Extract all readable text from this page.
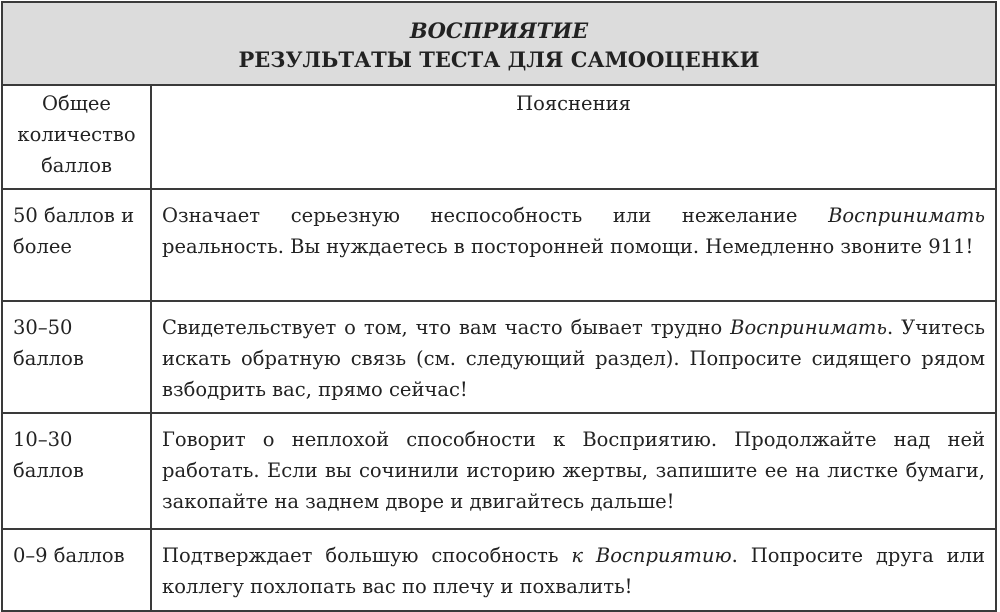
ВОСПРИЯТИЕ
РЕЗУЛЬТАТЫ ТЕСТА ДЛЯ САМООЦЕНКИ	

Общее количество баллов	Пояснения
50 баллов и более	Означает серьезную неспособность или нежелание Воспринимать реальность. Вы нуждаетесь в посторонней помощи. Немедленно звоните 911!
30–50 баллов	Свидетельствует о том, что вам часто бывает трудно Воспринимать. Учитесь искать обратную связь (см. следующий раздел). Попросите сидящего рядом взбодрить вас, прямо сейчас!
10–30 баллов	Говорит о неплохой способности к Восприятию. Продолжайте над ней работать. Если вы сочинили историю жертвы, запишите ее на листке бумаги, закопайте на заднем дворе и двигайтесь дальше!
0–9 баллов	Подтверждает большую способность к Восприятию. Попросите друга или коллегу похлопать вас по плечу и похвалить!
